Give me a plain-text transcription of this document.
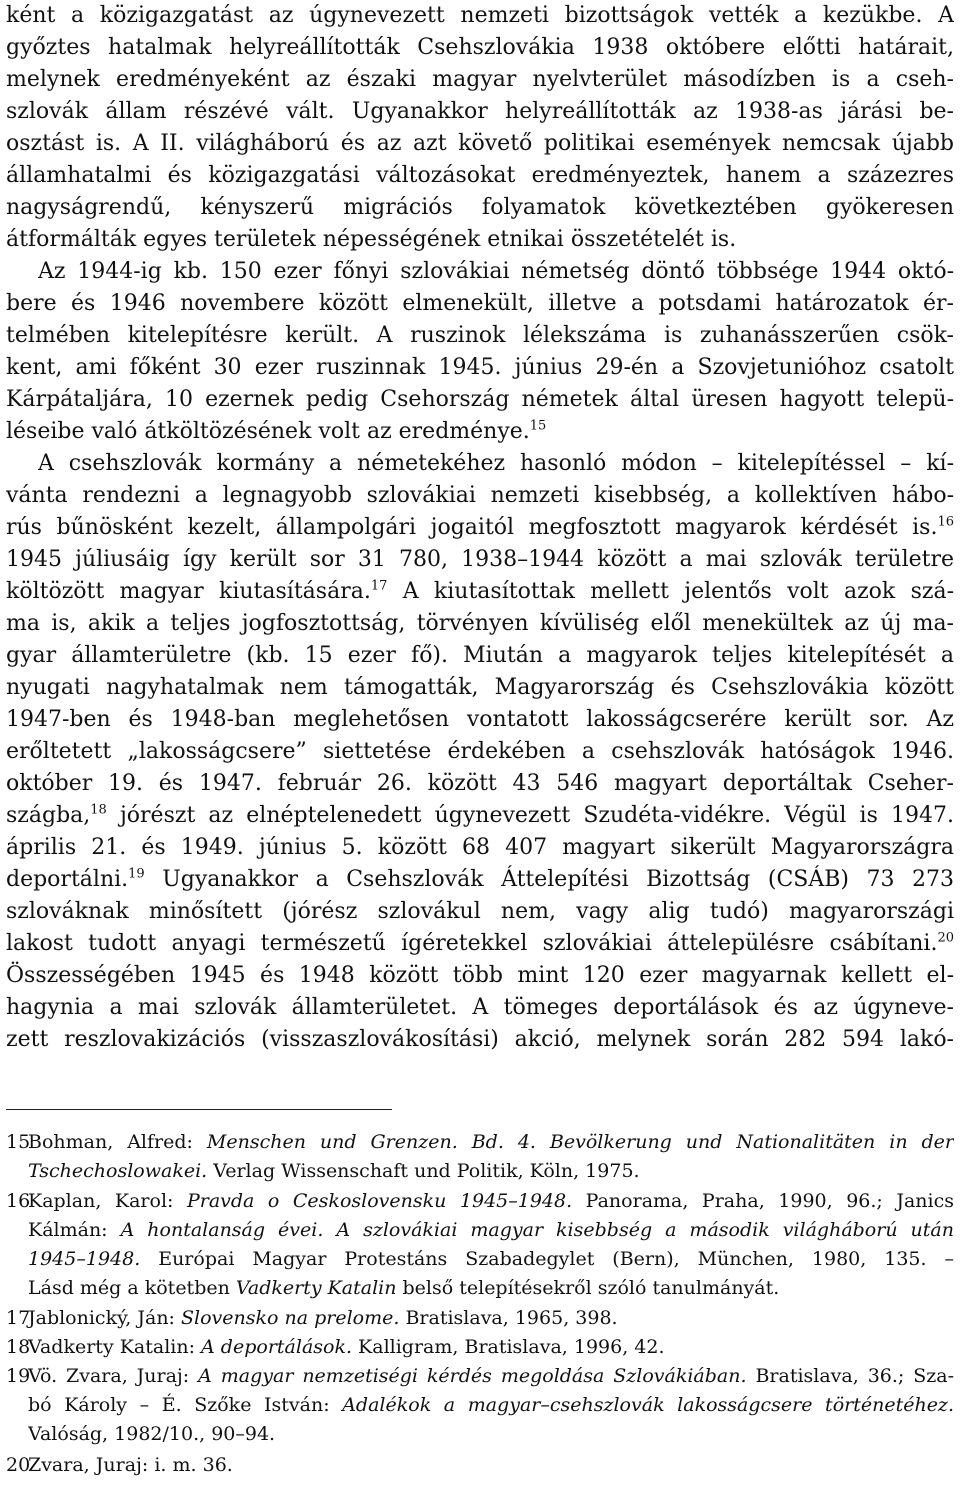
ként a közigazgatást az úgynevezett nemzeti bizottságok vették a kezükbe. A
győztes hatalmak helyreállították Csehszlovákia 1938 októbere előtti határait,
melynek eredményeként az északi magyar nyelvterület másodízben is a cseh-
szlovák állam részévé vált. Ugyanakkor helyreállították az 1938-as járási be-
osztást is. A II. világháború és az azt követő politikai események nemcsak újabb
államhatalmi és közigazgatási változásokat eredményeztek, hanem a százezres
nagyságrendű, kényszerű migrációs folyamatok következtében gyökeresen
átformálták egyes területek népességének etnikai összetételét is.
Az 1944-ig kb. 150 ezer főnyi szlovákiai németség döntő többsége 1944 októ-
bere és 1946 novembere között elmenekült, illetve a potsdami határozatok ér-
telmében kitelepítésre került. A ruszinok lélekszáma is zuhanásszerűen csök-
kent, ami főként 30 ezer ruszinnak 1945. június 29-én a Szovjetunióhoz csatolt
Kárpátaljára, 10 ezernek pedig Csehország németek által üresen hagyott telepü-
léseibe való átköltözésének volt az eredménye.$^{15}$
A csehszlovák kormány a németekéhez hasonló módon – kitelepítéssel – kí-
vánta rendezni a legnagyobb szlovákiai nemzeti kisebbség, a kollektíven hábo-
rús bűnösként kezelt, állampolgári jogaitól megfosztott magyarok kérdését is.$^{16}$
1945 júliusáig így került sor 31 780, 1938–1944 között a mai szlovák területre
költözött magyar kiutasítására.$^{17}$ A kiutasítottak mellett jelentős volt azok szá-
ma is, akik a teljes jogfosztottság, törvényen kívüliség elől menekültek az új ma-
gyar államterületre (kb. 15 ezer fő). Miután a magyarok teljes kitelepítését a
nyugati nagyhatalmak nem támogatták, Magyarország és Csehszlovákia között
1947-ben és 1948-ban meglehetősen vontatott lakosságcserére került sor. Az
erőltetett „lakosságcsere” siettetése érdekében a csehszlovák hatóságok 1946.
október 19. és 1947. február 26. között 43 546 magyart deportáltak Cseher-
szágba,$^{18}$ jórészt az elnéptelenedett úgynevezett Szudéta-vidékre. Végül is 1947.
április 21. és 1949. június 5. között 68 407 magyart sikerült Magyarországra
deportálni.$^{19}$ Ugyanakkor a Csehszlovák Áttelepítési Bizottság (CSÁB) 73 273
szlováknak minősített (jórész szlovákul nem, vagy alig tudó) magyarországi
lakost tudott anyagi természetű ígéretekkel szlovákiai áttelepülésre csábítani.$^{20}$
Összességében 1945 és 1948 között több mint 120 ezer magyarnak kellett el-
hagynia a mai szlovák államterületet. A tömeges deportálások és az úgyneve-
zett reszlovakizációs (visszaszlovákosítási) akció, melynek során 282 594 lakó-
15Bohman, Alfred: Menschen und Grenzen. Bd. 4. Bevölkerung und Nationalitäten in der
Tschechoslowakei. Verlag Wissenschaft und Politik, Köln, 1975.
16Kaplan, Karol: Pravda o Ceskoslovensku 1945–1948. Panorama, Praha, 1990, 96.; Janics
Kálmán: A hontalanság évei. A szlovákiai magyar kisebbség a második világháború után
1945–1948. Európai Magyar Protestáns Szabadegylet (Bern), München, 1980, 135. –
Lásd még a kötetben Vadkerty Katalin belső telepítésekről szóló tanulmányát.
17Jablonický, Ján: Slovensko na prelome. Bratislava, 1965, 398.
18Vadkerty Katalin: A deportálások. Kalligram, Bratislava, 1996, 42.
19Vö. Zvara, Juraj: A magyar nemzetiségi kérdés megoldása Szlovákiában. Bratislava, 36.; Sza-
bó Károly – É. Szőke István: Adalékok a magyar–csehszlovák lakosságcsere történetéhez.
Valóság, 1982/10., 90–94.
20Zvara, Juraj: i. m. 36.
